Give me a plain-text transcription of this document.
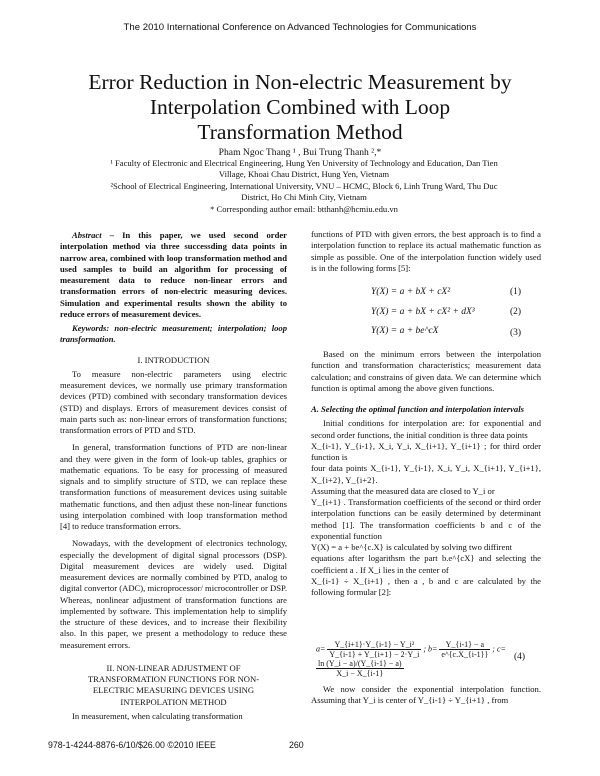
The 2010 International Conference on Advanced Technologies for Communications
Error Reduction in Non-electric Measurement by
Interpolation Combined with Loop
Transformation Method
Pham Ngoc Thang ¹ , Bui Trung Thanh ²,*
¹ Faculty of Electronic and Electrical Engineering, Hung Yen University of Technology and Education, Dan Tien
Village, Khoai Chau District, Hung Yen, Vietnam
²School of Electrical Engineering, International University, VNU – HCMC, Block 6, Linh Trung Ward, Thu Duc
District, Ho Chi Minh City, Vietnam
* Corresponding author email: btthanh@hcmiu.edu.vn

Abstract – In this paper, we used second order interpolation method via three successding data points in narrow area, combined with loop transformation method and used samples to build an algorithm for processing of measurement data to reduce non-linear errors and transformation errors of non-electric measuring devices. Simulation and experimental results shown the ability to reduce errors of measurement devices.

Keywords: non-electric measurement; interpolation; loop transformation.

I. INTRODUCTION

To measure non-electric parameters using electric measurement devices, we normally use primary transformation devices (PTD) combined with secondary transformation devices (STD) and displays. Errors of measurement devices consist of main parts such as: non-linear errors of transformation functions; transformation errors of PTD and STD.

In general, transformation functions of PTD are non-linear and they were given in the form of look-up tables, graphics or mathematic equations. To be easy for processing of measured signals and to simplify structure of STD, we can replace these transformation functions of measurement devices using suitable mathematic functions, and then adjust these non-linear functions using interpolation combined with loop transformation method [4] to reduce transformation errors.

Nowadays, with the development of electronics technology, especially the development of digital signal processors (DSP). Digital measurement devices are widely used. Digital measurement devices are normally combined by PTD, analog to digital convertor (ADC), microprocessor/ microcontroller or DSP. Whereas, nonlinear adjustment of transformation functions are implemented by software. This implementation help to simplify the structure of these devices, and to increase their flexibility also. In this paper, we present a methodology to reduce these measurement errors.

II. NON-LINEAR ADJUSTMENT OF
TRANSFORMATION FUNCTIONS FOR NON-
ELECTRIC MEASURING DEVICES USING
INTERPOLATION METHOD

In measurement, when calculating transformation

functions of PTD with given errors, the best approach is to find a interpolation function to replace its actual mathematic function as simple as possible. One of the interpolation function widely used is in the following forms [5]:

Y(X) = a + bX + cX²	(1)
Y(X) = a + bX + cX² + dX³	(2)
Y(X) = a + be^cX	(3)

Based on the minimum errors between the interpolation function and transformation characteristics; measurement data calculation; and constrains of given data. We can determine which function is optimal among the above given functions.

A. Selecting the optimal function and interpolation intervals

Initial conditions for interpolation are: for exponential and second order functions, the initial condition is three data points

X_{i-1}, Y_{i-1}, X_i, Y_i, X_{i+1}, Y_{i+1} ; for third order function is

four data points X_{i-1}, Y_{i-1}, X_i, Y_i, X_{i+1}, Y_{i+1}, X_{i+2}, Y_{i+2}.

Assuming that the measured data are closed to Y_i or

Y_{i+1} . Transformation coefficients of the second or third order interpolation functions can be easily determined by determinant method [1]. The transformation coefficients b and c of the exponential function

Y(X) = a + be^{c.X} is calculated by solving two diffirent

equations after logarithsm the part b.e^{cX} and selecting the coefficient a . If X_i lies in the center of

X_{i-1} ÷ X_{i+1} , then a , b and c are calculated by the following formular [2]:

$a= \frac{\text{Y\_\{i+1\}·Y\_\{i-1\} − Y\_i²}}{Y\_\{i-1\} + Y\_\{i+1\} - 2\cdot Y\_i}$ ; $b= \frac{Y\_\{i-1\} - a}{e\^{}\{c.X\_\{i-1\}\}}$ ; c=
$\frac{\ln (Y\_i - a)/(Y\_\{i-1\} - a)}{X\_i - X\_\{i-1\}}$
(4)

We now consider the exponential interpolation function. Assuming that Y_i is center of Y_{i-1} ÷ Y_{i+1} , from

978-1-4244-8876-6/10/$26.00 ©2010 IEEE	260
